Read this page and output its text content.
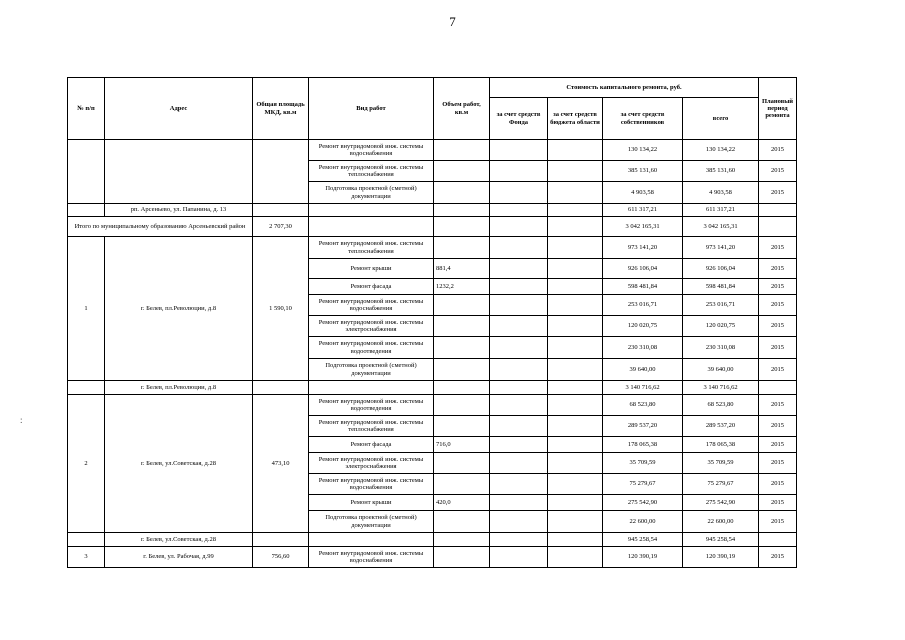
7
:
№ п/п	Адрес	Общая площадь МКД, кв.м	Вид работ	Объем работ, кв.м	Стоимость капитального ремонта, руб.				Плановый период ремонта
					за счет средств Фонда	за счет средств бюджета области	за счет средств собственников	всего	
			Ремонт внутридомовой инж. системы водоснабжения				130 134,22	130 134,22	2015
			Ремонт внутридомовой инж. системы теплоснабжения				385 131,60	385 131,60	2015
			Подготовка проектной (сметной) документации				4 903,58	4 903,58	2015
	рп. Арсеньево, ул. Папанина, д. 13						611 317,21	611 317,21	
Итого по муниципальному образованию Арсеньевский район		2 707,30					3 042 165,31	3 042 165,31	
1	г. Белев, пл.Революции, д.8	1 590,10	Ремонт внутридомовой инж. системы теплоснабжения				973 141,20	973 141,20	2015
			Ремонт крыши	881,4			926 106,04	926 106,04	2015
			Ремонт фасада	1232,2			598 481,84	598 481,84	2015
			Ремонт внутридомовой инж. системы водоснабжения				253 016,71	253 016,71	2015
			Ремонт внутридомовой инж. системы электроснабжения				120 020,75	120 020,75	2015
			Ремонт внутридомовой инж. системы водоотведения				230 310,08	230 310,08	2015
			Подготовка проектной (сметной) документации				39 640,00	39 640,00	2015
	г. Белев, пл.Революции, д.8						3 140 716,62	3 140 716,62	
2	г. Белев, ул.Советская, д.28	473,10	Ремонт внутридомовой инж. системы водоотведения				68 523,80	68 523,80	2015
			Ремонт внутридомовой инж. системы теплоснабжения				289 537,20	289 537,20	2015
			Ремонт фасада	716,0			178 065,38	178 065,38	2015
			Ремонт внутридомовой инж. системы электроснабжения				35 709,59	35 709,59	2015
			Ремонт внутридомовой инж. системы водоснабжения				75 279,67	75 279,67	2015
			Ремонт крыши	420,0			275 542,90	275 542,90	2015
			Подготовка проектной (сметной) документации				22 600,00	22 600,00	2015
	г. Белев, ул.Советская, д.28						945 258,54	945 258,54	
3	г. Белев, ул. Рабочая, д.99	756,60	Ремонт внутридомовой инж. системы водоснабжения				120 390,19	120 390,19	2015
